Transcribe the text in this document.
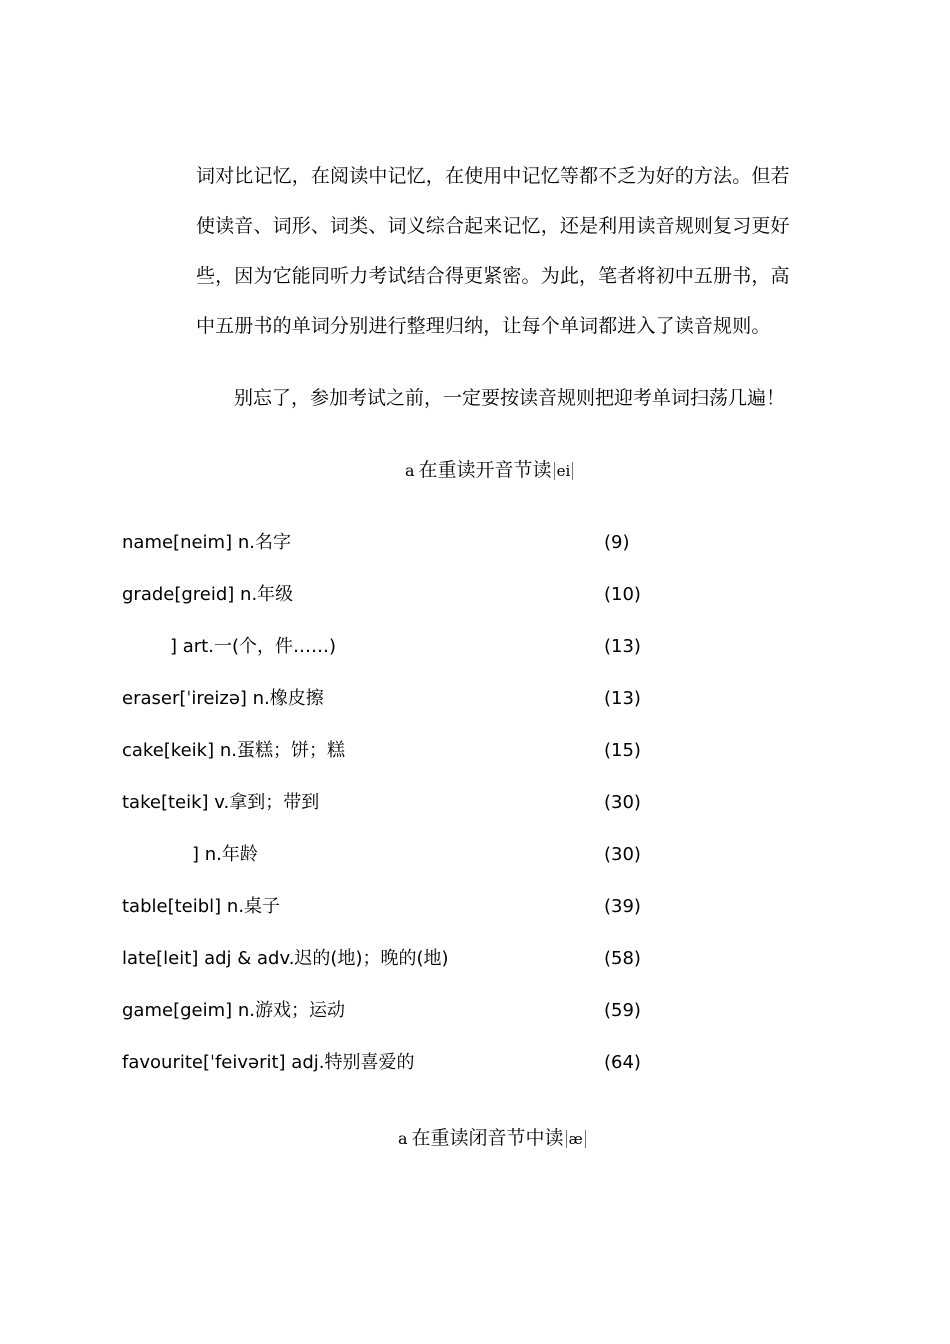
词对比记忆，在阅读中记忆，在使用中记忆等都不乏为好的方法。但若
使读音、词形、词类、词义综合起来记忆，还是利用读音规则复习更好
些，因为它能同听力考试结合得更紧密。为此，笔者将初中五册书，高
中五册书的单词分别进行整理归纳，让每个单词都进入了读音规则。
别忘了，参加考试之前，一定要按读音规则把迎考单词扫荡几遍！
a 在重读开音节读 ei
name[neim] n.名字	(9)
grade[greid] n.年级	(10)
] art.一(个，件……)	(13)
eraser[ˈireizə] n.橡皮擦	(13)
cake[keik] n.蛋糕；饼；糕	(15)
take[teik] v.拿到；带到	(30)
] n.年龄	(30)
table[teibl] n.桌子	(39)
late[leit] adj & adv.迟的(地)；晚的(地)	(58)
game[geim] n.游戏；运动	(59)
favourite[ˈfeivərit] adj.特别喜爱的	(64)
a 在重读闭音节中读 æ
